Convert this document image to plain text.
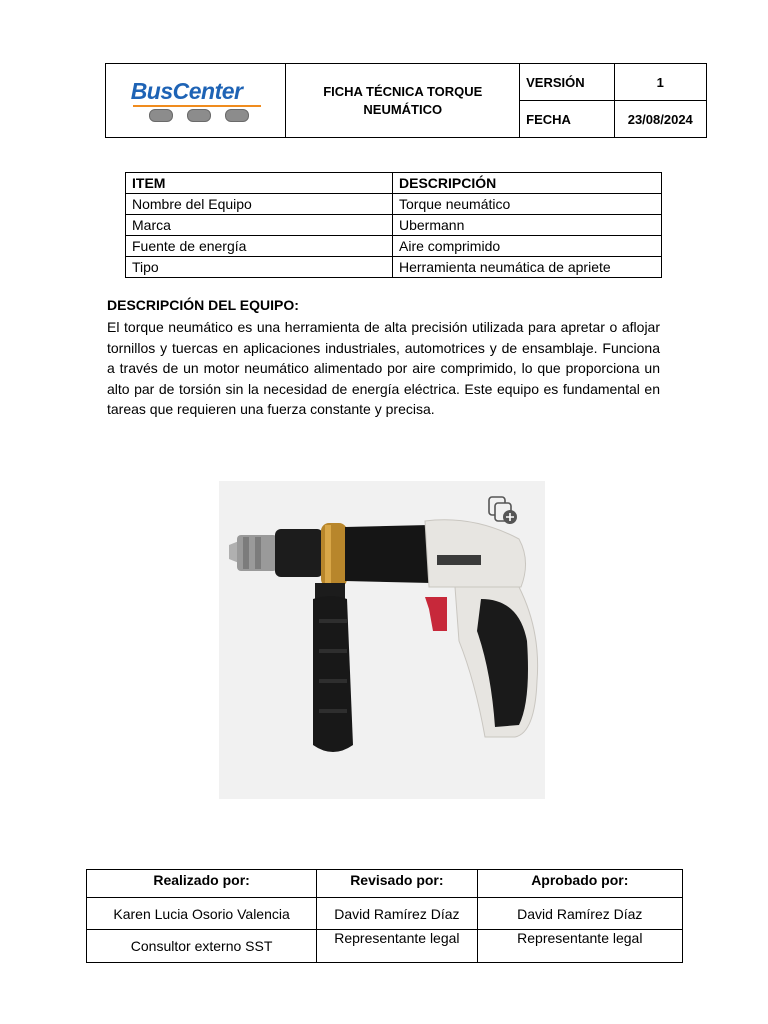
BusCenter	FICHA TÉCNICA TORQUE NEUMÁTICO	VERSIÓN	1
		FECHA	23/08/2024
ITEM	DESCRIPCIÓN
Nombre del Equipo	Torque neumático
Marca	Ubermann
Fuente de energía	Aire comprimido
Tipo	Herramienta neumática de apriete
DESCRIPCIÓN DEL EQUIPO:
El torque neumático es una herramienta de alta precisión utilizada para apretar o aflojar tornillos y tuercas en aplicaciones industriales, automotrices y de ensamblaje. Funciona a través de un motor neumático alimentado por aire comprimido, lo que proporciona un alto par de torsión sin la necesidad de energía eléctrica. Este equipo es fundamental en tareas que requieren una fuerza constante y precisa.
Realizado por:	Revisado por:	Aprobado por:
Karen Lucia Osorio Valencia	David Ramírez Díaz	David Ramírez Díaz
Consultor externo SST	Representante legal	Representante legal
